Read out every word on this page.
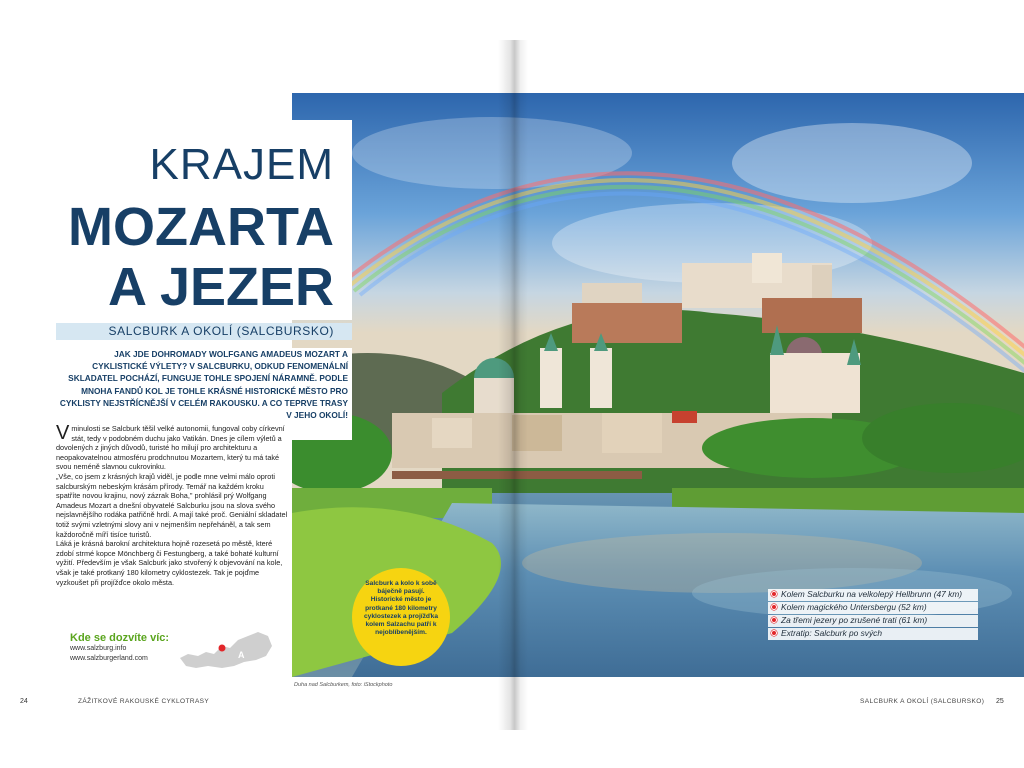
KRAJEM
MOZARTA
A JEZER
SALCBURK A OKOLÍ (SALCBURSKO)
JAK JDE DOHROMADY WOLFGANG AMADEUS MOZART A CYKLISTICKÉ VÝLETY? V SALCBURKU, ODKUD FENOMENÁLNÍ SKLADATEL POCHÁZÍ, FUNGUJE TOHLE SPOJENÍ NÁRAMNĚ. PODLE MNOHA FANDŮ KOL JE TOHLE KRÁSNÉ HISTORICKÉ MĚSTO PRO CYKLISTY NEJSTŘÍCNĚJŠÍ V CELÉM RAKOUSKU. A CO TEPRVE TRASY V JEHO OKOLÍ!
V minulosti se Salcburk těšil velké autonomii, fungoval coby církevní stát, tedy v podobném duchu jako Vatikán. Dnes je cílem výletů a dovolených z jiných důvodů, turisté ho milují pro architekturu a neopakovatelnou atmosféru prodchnutou Mozartem, který tu má také svou neméně slavnou cukrovinku.

„Vše, co jsem z krásných krajů viděl, je podle mne velmi málo oproti salcburským nebeským krásám přírody. Temář na každém kroku spatříte novou krajinu, nový zázrak Boha," prohlásil prý Wolfgang Amadeus Mozart a dnešní obyvatelé Salcburku jsou na slova svého nejslavnějšího rodáka patřičně hrdí. A mají také proč. Geniální skladatel totiž svými vzletnými slovy ani v nejmenším nepřeháněl, a tak sem každoročně míří tisíce turistů.

Láká je krásná barokní architektura hojně rozesetá po městě, které zdobí strmé kopce Mönchberg či Festungberg, a také bohaté kulturní vyžití. Především je však Salcburk jako stvořený k objevování na kole, však je také protkaný 180 kilometry cyklostezek. Tak je pojďme vyzkoušet při projížďce okolo města.

Kde se dozvíte víc:
www.salzburg.info
www.salzburgerland.com	A
Salcburk a kolo k sobě báječně pasují. Historické město je protkané 180 kilometry cyklostezek a projížďka kolem Salzachu patří k nejoblíbenějším.
Kolem Salcburku na velkolepý Hellbrunn (47 km)
Kolem magického Untersbergu (52 km)
Za třemi jezery po zrušené trati (61 km)
Extratip: Salcburk po svých
Duha nad Salcburkem, foto: iStockphoto
24	ZÁŽITKOVÉ RAKOUSKÉ CYKLOTRASY	SALCBURK A OKOLÍ (SALCBURSKO) 25
